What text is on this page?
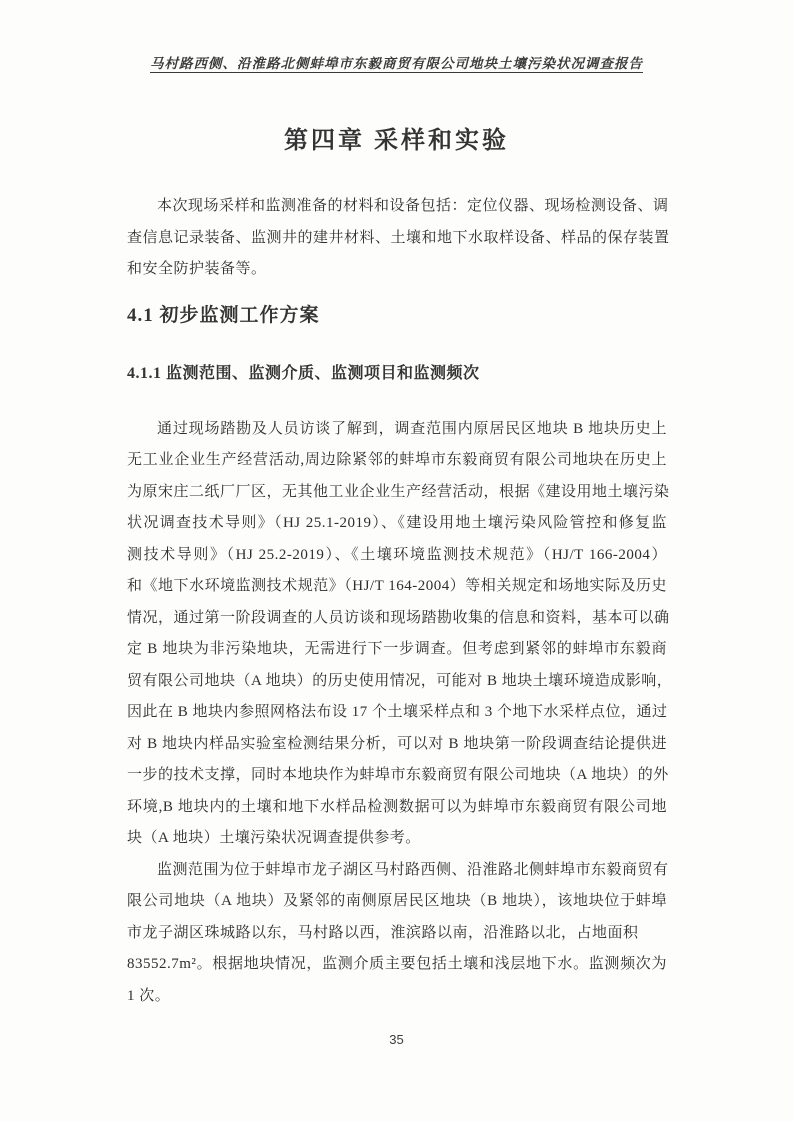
马村路西侧、沿淮路北侧蚌埠市东毅商贸有限公司地块土壤污染状况调查报告
第四章 采样和实验
本次现场采样和监测准备的材料和设备包括：定位仪器、现场检测设备、调
查信息记录装备、监测井的建井材料、土壤和地下水取样设备、样品的保存装置
和安全防护装备等。
4.1 初步监测工作方案
4.1.1 监测范围、监测介质、监测项目和监测频次
通过现场踏勘及人员访谈了解到，调查范围内原居民区地块 B 地块历史上
无工业企业生产经营活动,周边除紧邻的蚌埠市东毅商贸有限公司地块在历史上
为原宋庄二纸厂厂区，无其他工业企业生产经营活动，根据《建设用地土壤污染
状况调查技术导则》（HJ 25.1-2019）、《建设用地土壤污染风险管控和修复监
测技术导则》（HJ 25.2-2019）、《土壤环境监测技术规范》（HJ/T 166-2004）
和《地下水环境监测技术规范》（HJ/T 164-2004）等相关规定和场地实际及历史
情况，通过第一阶段调查的人员访谈和现场踏勘收集的信息和资料，基本可以确
定 B 地块为非污染地块，无需进行下一步调查。但考虑到紧邻的蚌埠市东毅商
贸有限公司地块（A 地块）的历史使用情况，可能对 B 地块土壤环境造成影响，
因此在 B 地块内参照网格法布设 17 个土壤采样点和 3 个地下水采样点位，通过
对 B 地块内样品实验室检测结果分析，可以对 B 地块第一阶段调查结论提供进
一步的技术支撑，同时本地块作为蚌埠市东毅商贸有限公司地块（A 地块）的外
环境,B 地块内的土壤和地下水样品检测数据可以为蚌埠市东毅商贸有限公司地
块（A 地块）土壤污染状况调查提供参考。
监测范围为位于蚌埠市龙子湖区马村路西侧、沿淮路北侧蚌埠市东毅商贸有
限公司地块（A 地块）及紧邻的南侧原居民区地块（B 地块），该地块位于蚌埠
市龙子湖区珠城路以东，马村路以西，淮滨路以南，沿淮路以北，占地面积
83552.7m²。根据地块情况，监测介质主要包括土壤和浅层地下水。监测频次为
1 次。
35
